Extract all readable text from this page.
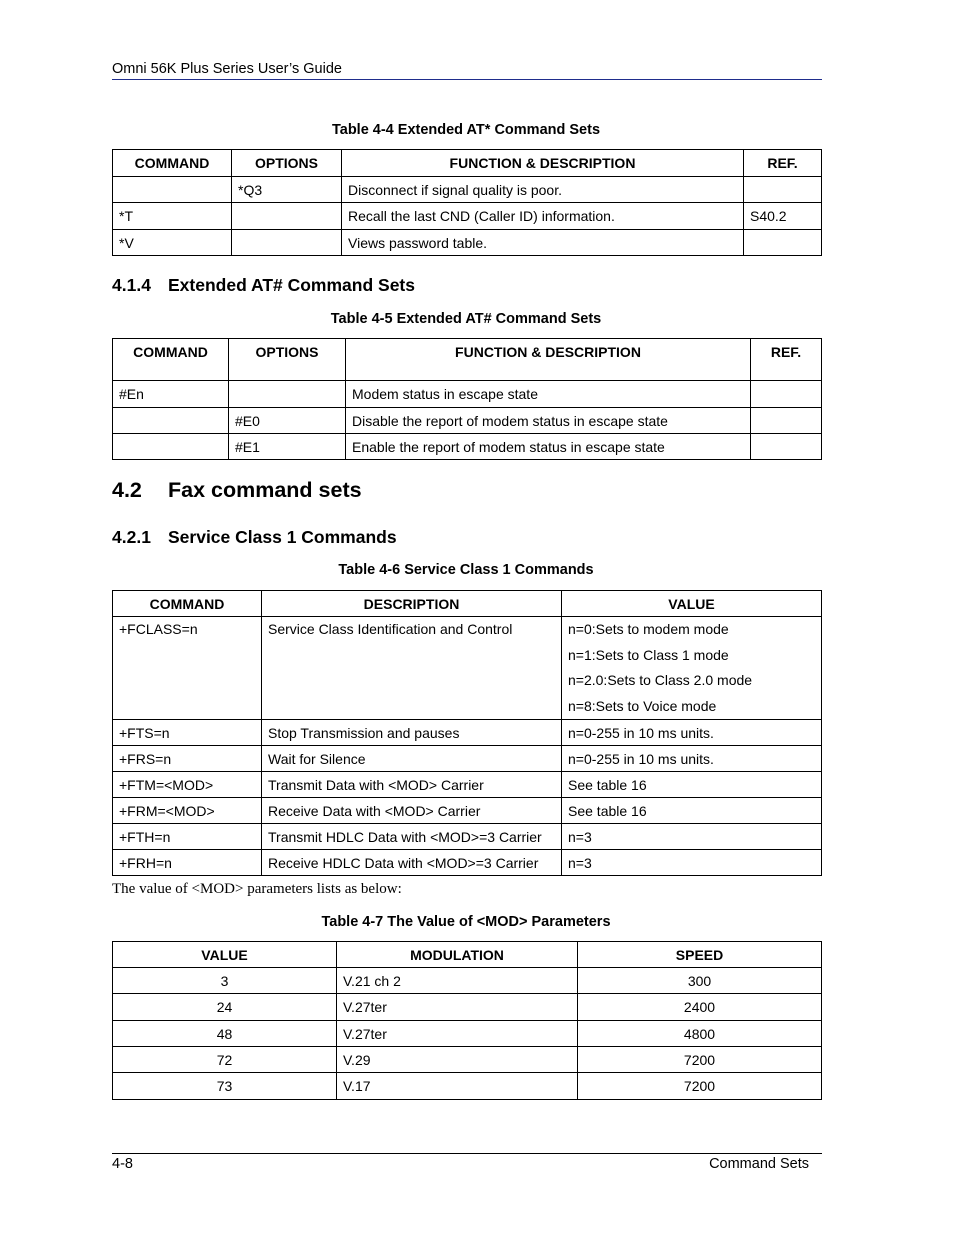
Omni 56K Plus Series User’s Guide
Table 4-4 Extended AT* Command Sets
COMMAND	OPTIONS	FUNCTION & DESCRIPTION	REF.
	*Q3	Disconnect if signal quality is poor.	
*T		Recall the last CND (Caller ID) information.	S40.2
*V		Views password table.	
4.1.4 Extended AT# Command Sets
Table 4-5 Extended AT# Command Sets
COMMAND	OPTIONS	FUNCTION & DESCRIPTION	REF.
#En		Modem status in escape state	
	#E0	Disable the report of modem status in escape state	
	#E1	Enable the report of modem status in escape state	
4.2 Fax command sets
4.2.1 Service Class 1 Commands
Table 4-6 Service Class 1 Commands
COMMAND	DESCRIPTION	VALUE
+FCLASS=n	Service Class Identification and Control	n=0:Sets to modem mode
n=1:Sets to Class 1 mode
n=2.0:Sets to Class 2.0 mode
n=8:Sets to Voice mode

+FTS=n	Stop Transmission and pauses	n=0-255 in 10 ms units.
+FRS=n	Wait for Silence	n=0-255 in 10 ms units.
+FTM=<MOD>	Transmit Data with <MOD> Carrier	See table 16
+FRM=<MOD>	Receive Data with <MOD> Carrier	See table 16
+FTH=n	Transmit HDLC Data with <MOD>=3 Carrier	n=3
+FRH=n	Receive HDLC Data with <MOD>=3 Carrier	n=3
The value of <MOD> parameters lists as below:
Table 4-7 The Value of <MOD> Parameters
VALUE	MODULATION	SPEED
3	V.21 ch 2	300
24	V.27ter	2400
48	V.27ter	4800
72	V.29	7200
73	V.17	7200
4-8	Command Sets
